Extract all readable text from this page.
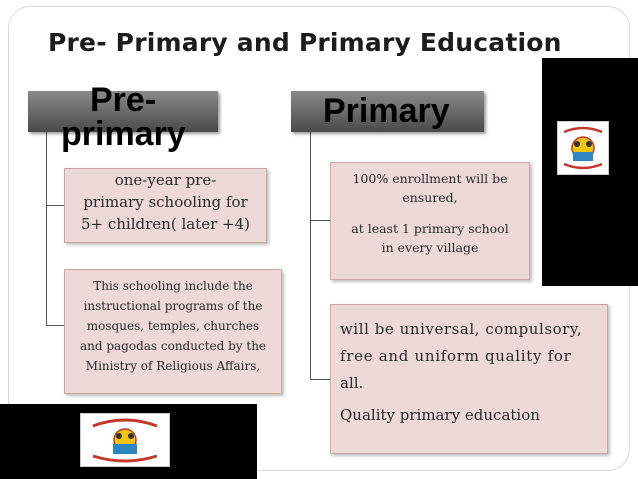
Pre- Primary and Primary Education
Pre-
primary
Primary
one-year pre-
primary schooling for
5+ children( later +4)
This schooling include the
instructional programs of the
mosques, temples, churches
and pagodas conducted by the
Ministry of Religious Affairs,
100% enrollment will be
ensured,
at least 1 primary school
in every village
will be universal, compulsory,
free and uniform quality for
all.
Quality primary education
